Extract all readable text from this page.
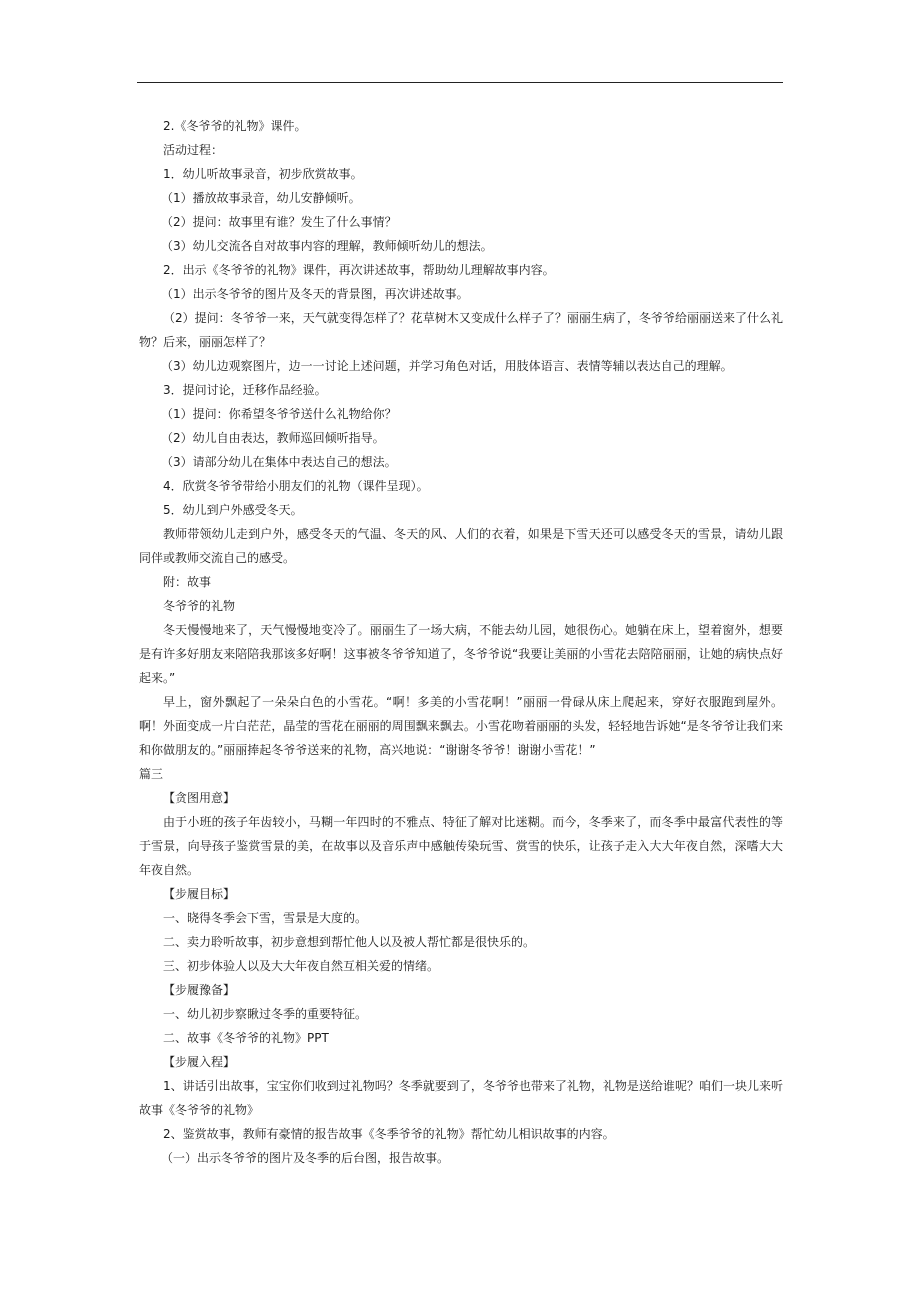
2.《冬爷爷的礼物》课件。
活动过程：
1．幼儿听故事录音，初步欣赏故事。
（1）播放故事录音，幼儿安静倾听。
（2）提问：故事里有谁？发生了什么事情？
（3）幼儿交流各自对故事内容的理解，教师倾听幼儿的想法。
2．出示《冬爷爷的礼物》课件，再次讲述故事，帮助幼儿理解故事内容。
（1）出示冬爷爷的图片及冬天的背景图，再次讲述故事。
（2）提问：冬爷爷一来，天气就变得怎样了？花草树木又变成什么样子了？丽丽生病了，冬爷爷给丽丽送来了什么礼物？后来，丽丽怎样了？
（3）幼儿边观察图片，边一一讨论上述问题，并学习角色对话，用肢体语言、表情等辅以表达自己的理解。
3．提问讨论，迁移作品经验。
（1）提问：你希望冬爷爷送什么礼物给你？
（2）幼儿自由表达，教师巡回倾听指导。
（3）请部分幼儿在集体中表达自己的想法。
4．欣赏冬爷爷带给小朋友们的礼物（课件呈现）。
5．幼儿到户外感受冬天。
教师带领幼儿走到户外，感受冬天的气温、冬天的风、人们的衣着，如果是下雪天还可以感受冬天的雪景，请幼儿跟同伴或教师交流自己的感受。
附：故事
冬爷爷的礼物
冬天慢慢地来了，天气慢慢地变冷了。丽丽生了一场大病，不能去幼儿园，她很伤心。她躺在床上，望着窗外，想要是有许多好朋友来陪陪我那该多好啊！这事被冬爷爷知道了，冬爷爷说“我要让美丽的小雪花去陪陪丽丽，让她的病快点好起来。”
早上，窗外飘起了一朵朵白色的小雪花。“啊！多美的小雪花啊！”丽丽一骨碌从床上爬起来，穿好衣服跑到屋外。啊！外面变成一片白茫茫，晶莹的雪花在丽丽的周围飘来飘去。小雪花吻着丽丽的头发，轻轻地告诉她“是冬爷爷让我们来和你做朋友的。”丽丽捧起冬爷爷送来的礼物，高兴地说：“谢谢冬爷爷！谢谢小雪花！”
篇三
【贪图用意】
由于小班的孩子年齿较小，马糊一年四时的不雅点、特征了解对比迷糊。而今，冬季来了，而冬季中最富代表性的等于雪景，向导孩子鉴赏雪景的美，在故事以及音乐声中感触传染玩雪、赏雪的快乐，让孩子走入大大年夜自然，深嗜大大年夜自然。
【步履目标】
一、晓得冬季会下雪，雪景是大度的。
二、卖力聆听故事，初步意想到帮忙他人以及被人帮忙都是很快乐的。
三、初步体验人以及大大年夜自然互相关爱的情绪。
【步履豫备】
一、幼儿初步察瞅过冬季的重要特征。
二、故事《冬爷爷的礼物》PPT
【步履入程】
1、讲话引出故事，宝宝你们收到过礼物吗？冬季就要到了，冬爷爷也带来了礼物，礼物是送给谁呢？咱们一块儿来听故事《冬爷爷的礼物》
2、鉴赏故事，教师有豪情的报告故事《冬季爷爷的礼物》帮忙幼儿相识故事的内容。
（一）出示冬爷爷的图片及冬季的后台图，报告故事。
